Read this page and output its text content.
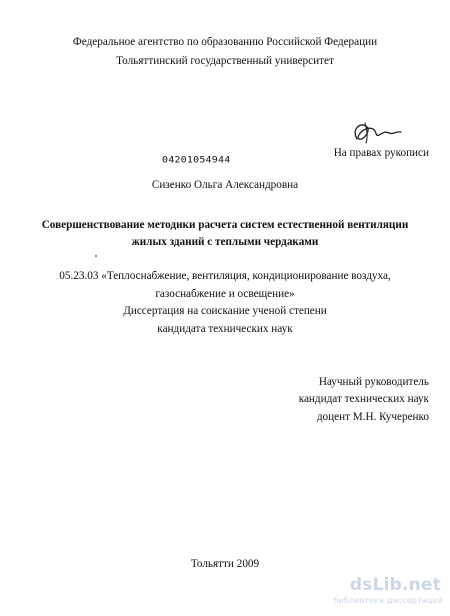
Федеральное агентство по образованию Российской Федерации
Тольяттинский государственный университет
На правах рукописи
04201054944
Сизенко Ольга Александровна
Совершенствование методики расчета систем естественной вентиляции
жилых зданий с теплыми чердаками
05.23.03 «Теплоснабжение, вентиляция, кондиционирование воздуха,
газоснабжение и освещение»
Диссертация на соискание ученой степени
кандидата технических наук
Научный руководитель
кандидат технических наук
доцент М.Н. Кучеренко
Тольятти 2009
dsLib.net
библиотека диссертаций
